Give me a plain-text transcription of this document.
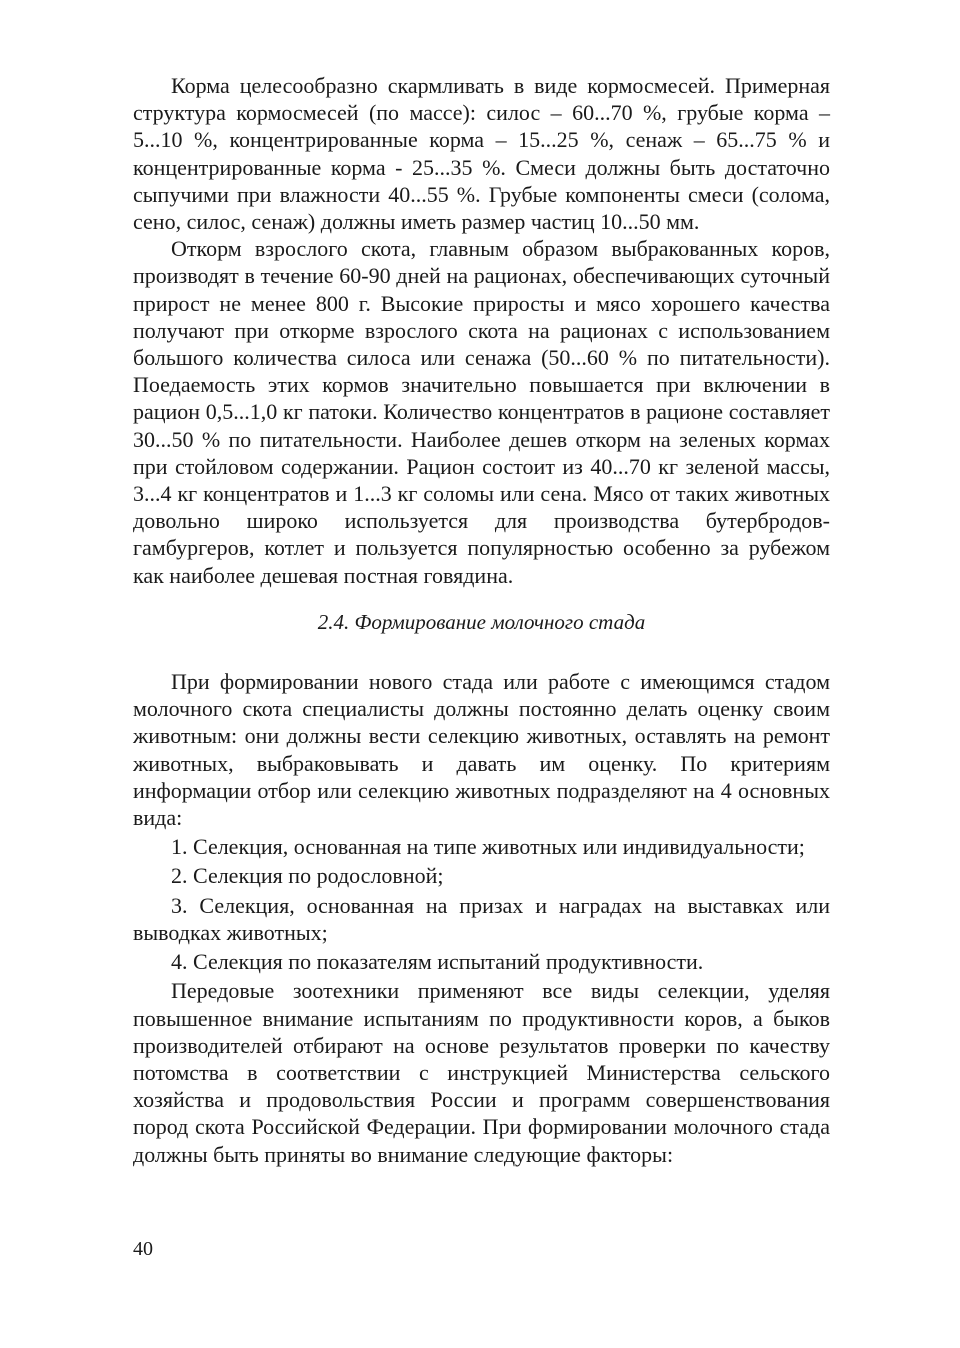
Корма целесообразно скармливать в виде кормосмесей. Примерная структура кормосмесей (по массе): силос – 60...70 %, грубые корма – 5...10 %, концентрированные корма – 15...25 %, сенаж – 65...75 % и концентрированные корма - 25...35 %. Смеси должны быть достаточно сыпучими при влажности 40...55 %. Грубые компоненты смеси (солома, сено, силос, сенаж) должны иметь размер частиц 10...50 мм.

Откорм взрослого скота, главным образом выбракованных коров, производят в течение 60-90 дней на рационах, обеспечивающих суточный прирост не менее 800 г. Высокие приросты и мясо хорошего качества получают при откорме взрослого скота на рационах с использованием большого количества силоса или сенажа (50...60 % по питательности). Поедаемость этих кормов значительно повышается при включении в рацион 0,5...1,0 кг патоки. Количество концентратов в рационе составляет 30...50 % по питательности. Наиболее дешев откорм на зеленых кормах при стойловом содержании. Рацион состоит из 40...70 кг зеленой массы, 3...4 кг концентратов и 1...3 кг соломы или сена. Мясо от таких животных довольно широко используется для производства бутербродов-гамбургеров, котлет и пользуется популярностью особенно за рубежом как наиболее дешевая постная говядина.

2.4. Формирование молочного стада

При формировании нового стада или работе с имеющимся стадом молочного скота специалисты должны постоянно делать оценку своим животным: они должны вести селекцию животных, оставлять на ремонт животных, выбраковывать и давать им оценку. По критериям информации отбор или селекцию животных подразделяют на 4 основных вида:

1. Селекция, основанная на типе животных или индивидуальности;

2. Селекция по родословной;

3. Селекция, основанная на призах и наградах на выставках или выводках животных;

4. Селекция по показателям испытаний продуктивности.

Передовые зоотехники применяют все виды селекции, уделяя повышенное внимание испытаниям по продуктивности коров, а быков производителей отбирают на основе результатов проверки по качеству потомства в соответствии с инструкцией Министерства сельского хозяйства и продовольствия России и программ совершенствования пород скота Российской Федерации. При формировании молочного стада должны быть приняты во внимание следующие факторы:

40
